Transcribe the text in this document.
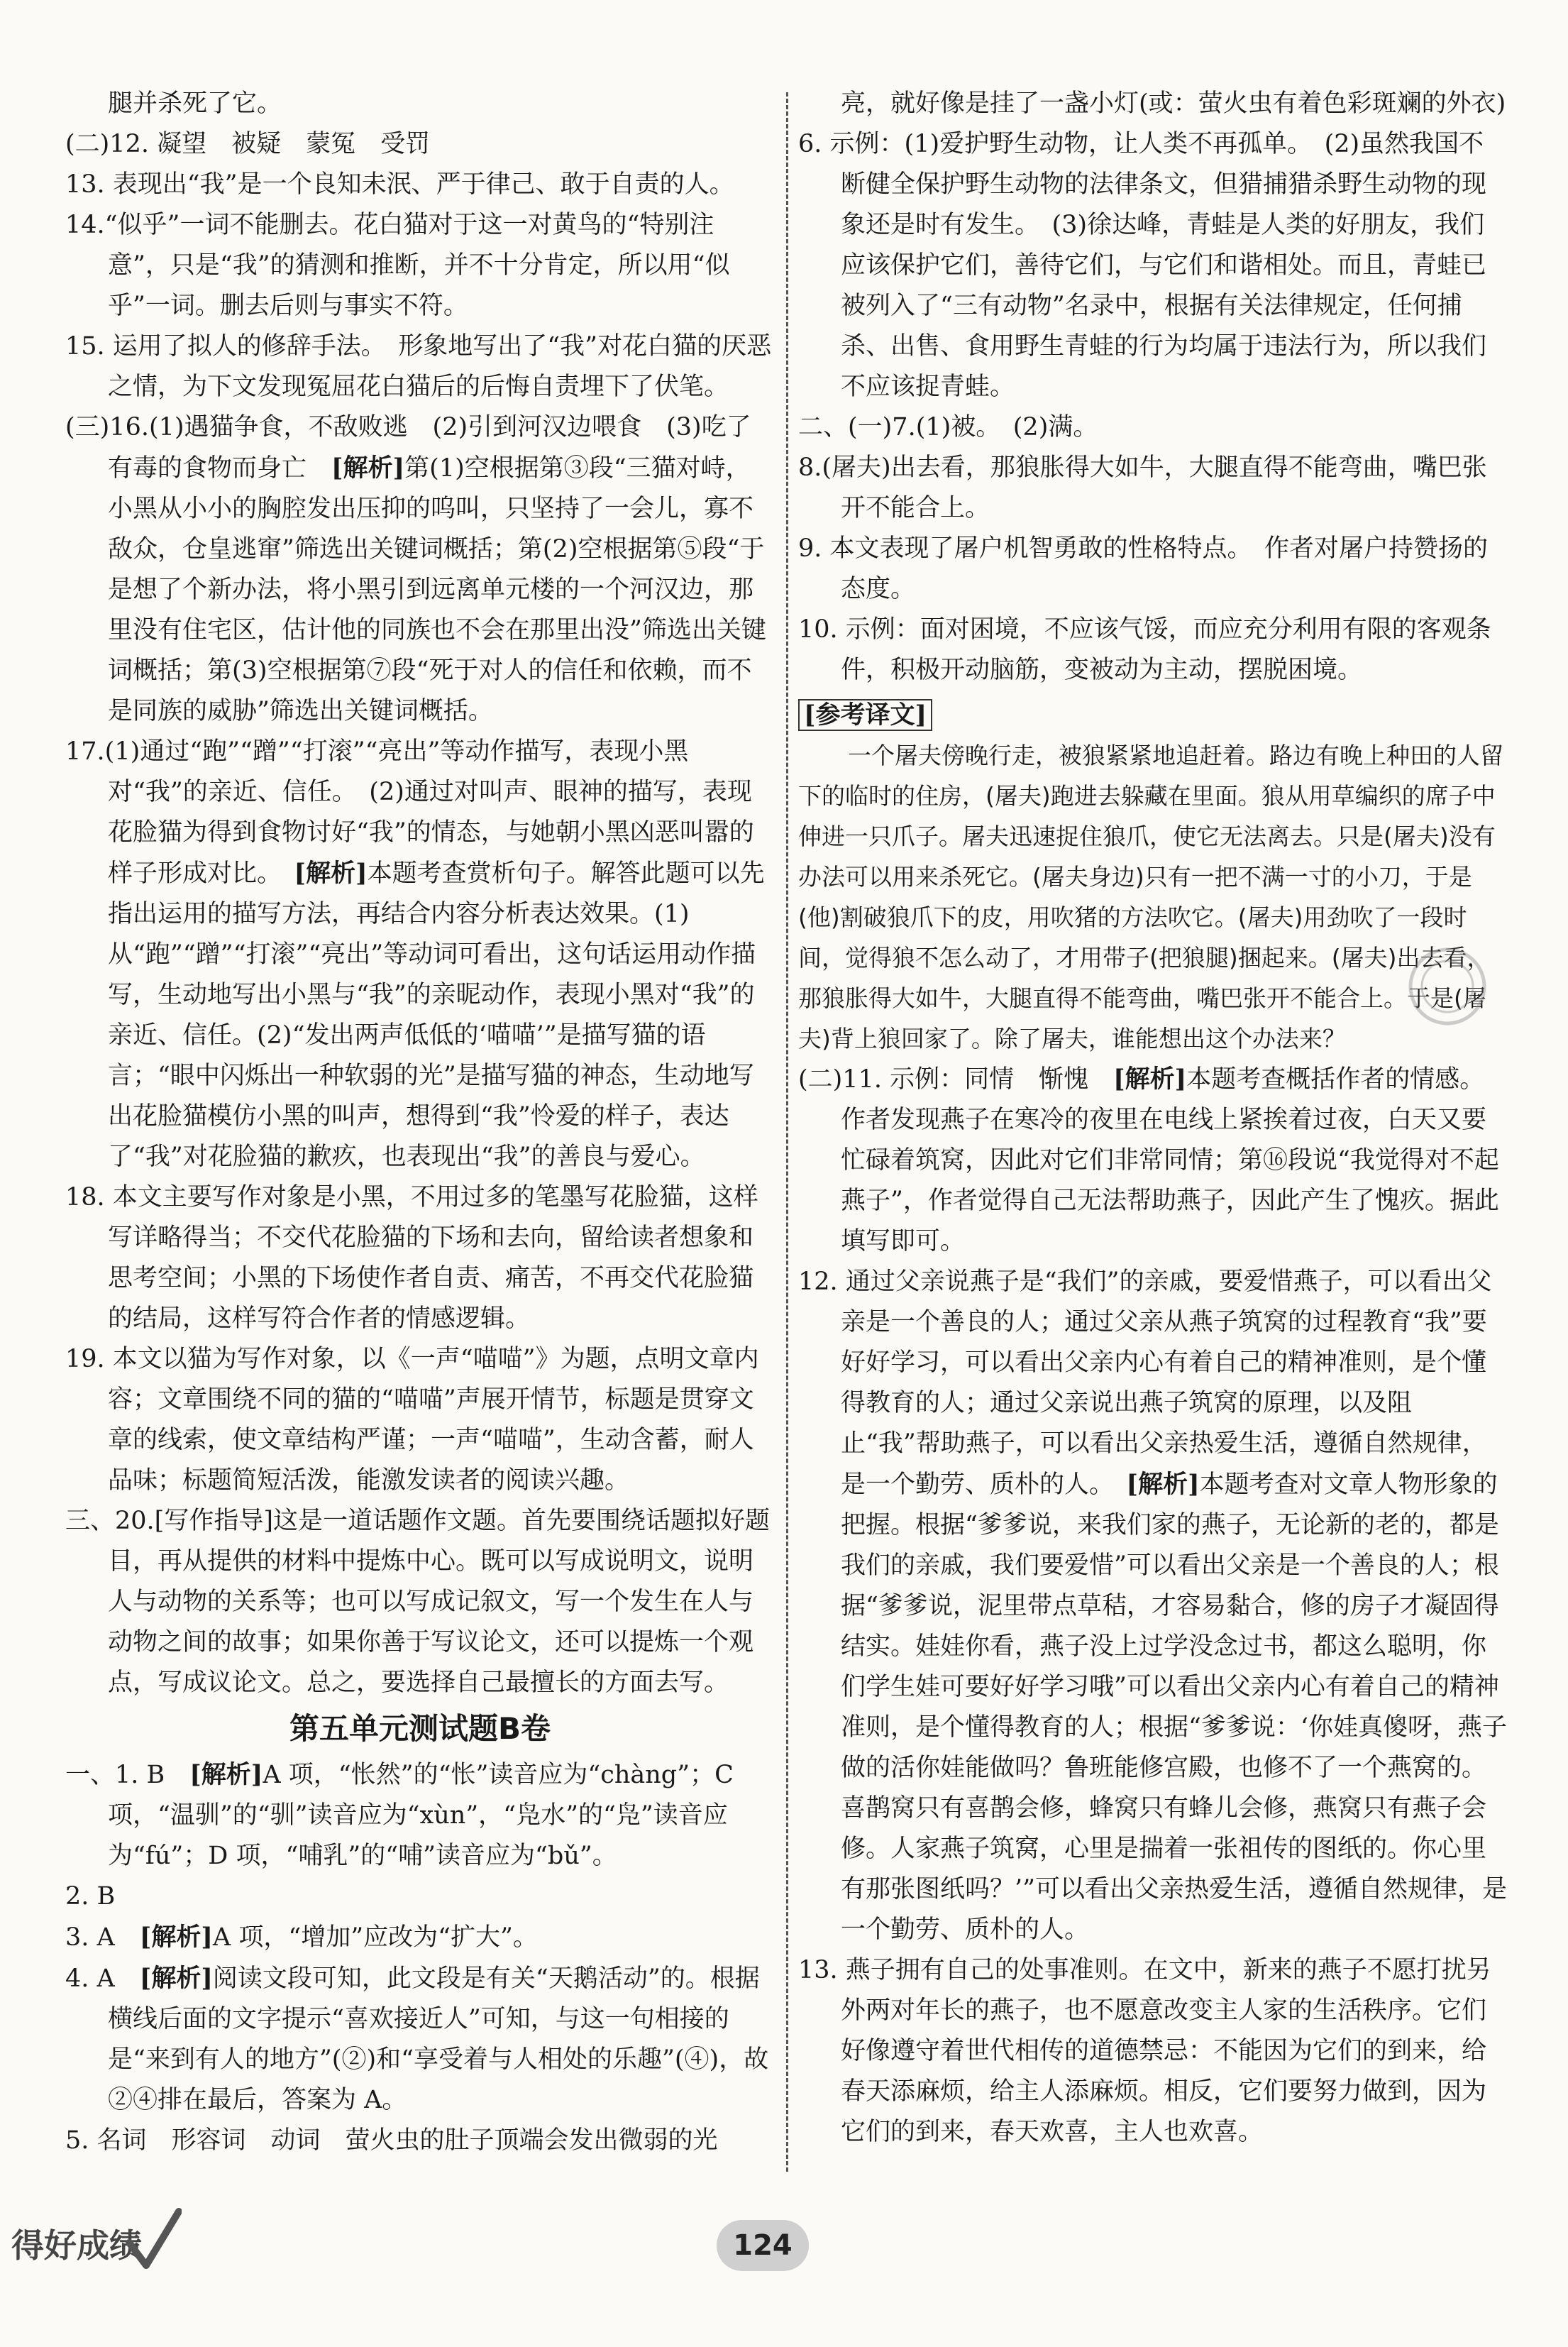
腿并杀死了它。

(二)12. 凝望　被疑　蒙冤　受罚

13. 表现出“我”是一个良知未泯、严于律己、敢于自责的人。

14.“似乎”一词不能删去。花白猫对于这一对黄鸟的“特别注意”，只是“我”的猜测和推断，并不十分肯定，所以用“似乎”一词。删去后则与事实不符。

15. 运用了拟人的修辞手法。　形象地写出了“我”对花白猫的厌恶之情，为下文发现冤屈花白猫后的后悔自责埋下了伏笔。

(三)16.(1)遇猫争食，不敌败逃　(2)引到河汉边喂食　(3)吃了有毒的食物而身亡　[解析]第(1)空根据第③段“三猫对峙，小黑从小小的胸腔发出压抑的呜叫，只坚持了一会儿，寡不敌众，仓皇逃窜”筛选出关键词概括；第(2)空根据第⑤段“于是想了个新办法，将小黑引到远离单元楼的一个河汉边，那里没有住宅区，估计他的同族也不会在那里出没”筛选出关键词概括；第(3)空根据第⑦段“死于对人的信任和依赖，而不是同族的威胁”筛选出关键词概括。

17.(1)通过“跑”“蹭”“打滚”“亮出”等动作描写，表现小黑对“我”的亲近、信任。　(2)通过对叫声、眼神的描写，表现花脸猫为得到食物讨好“我”的情态，与她朝小黑凶恶叫嚣的样子形成对比。　[解析]本题考查赏析句子。解答此题可以先指出运用的描写方法，再结合内容分析表达效果。(1)从“跑”“蹭”“打滚”“亮出”等动词可看出，这句话运用动作描写，生动地写出小黑与“我”的亲昵动作，表现小黑对“我”的亲近、信任。(2)“发出两声低低的‘喵喵’”是描写猫的语言；“眼中闪烁出一种软弱的光”是描写猫的神态，生动地写出花脸猫模仿小黑的叫声，想得到“我”怜爱的样子，表达了“我”对花脸猫的歉疚，也表现出“我”的善良与爱心。

18. 本文主要写作对象是小黑，不用过多的笔墨写花脸猫，这样写详略得当；不交代花脸猫的下场和去向，留给读者想象和思考空间；小黑的下场使作者自责、痛苦，不再交代花脸猫的结局，这样写符合作者的情感逻辑。

19. 本文以猫为写作对象，以《一声“喵喵”》为题，点明文章内容；文章围绕不同的猫的“喵喵”声展开情节，标题是贯穿文章的线索，使文章结构严谨；一声“喵喵”，生动含蓄，耐人品味；标题简短活泼，能激发读者的阅读兴趣。

三、20.[写作指导]这是一道话题作文题。首先要围绕话题拟好题目，再从提供的材料中提炼中心。既可以写成说明文，说明人与动物的关系等；也可以写成记叙文，写一个发生在人与动物之间的故事；如果你善于写议论文，还可以提炼一个观点，写成议论文。总之，要选择自己最擅长的方面去写。

第五单元测试题B卷

一、1. B　[解析]A 项，“怅然”的“怅”读音应为“chàng”；C 项，“温驯”的“驯”读音应为“xùn”，“凫水”的“凫”读音应为“fú”；D 项，“哺乳”的“哺”读音应为“bǔ”。

2. B

3. A　[解析]A 项，“增加”应改为“扩大”。

4. A　[解析]阅读文段可知，此文段是有关“天鹅活动”的。根据横线后面的文字提示“喜欢接近人”可知，与这一句相接的是“来到有人的地方”(②)和“享受着与人相处的乐趣”(④)，故②④排在最后，答案为 A。

5. 名词　形容词　动词　萤火虫的肚子顶端会发出微弱的光

亮，就好像是挂了一盏小灯(或：萤火虫有着色彩斑斓的外衣)

6. 示例：(1)爱护野生动物，让人类不再孤单。　(2)虽然我国不断健全保护野生动物的法律条文，但猎捕猎杀野生动物的现象还是时有发生。　(3)徐达峰，青蛙是人类的好朋友，我们应该保护它们，善待它们，与它们和谐相处。而且，青蛙已被列入了“三有动物”名录中，根据有关法律规定，任何捕杀、出售、食用野生青蛙的行为均属于违法行为，所以我们不应该捉青蛙。

二、(一)7.(1)被。　(2)满。

8.(屠夫)出去看，那狼胀得大如牛，大腿直得不能弯曲，嘴巴张开不能合上。

9. 本文表现了屠户机智勇敢的性格特点。　作者对屠户持赞扬的态度。

10. 示例：面对困境，不应该气馁，而应充分利用有限的客观条件，积极开动脑筋，变被动为主动，摆脱困境。

[参考译文]

一个屠夫傍晚行走，被狼紧紧地追赶着。路边有晚上种田的人留下的临时的住房，(屠夫)跑进去躲藏在里面。狼从用草编织的席子中伸进一只爪子。屠夫迅速捉住狼爪，使它无法离去。只是(屠夫)没有办法可以用来杀死它。(屠夫身边)只有一把不满一寸的小刀，于是(他)割破狼爪下的皮，用吹猪的方法吹它。(屠夫)用劲吹了一段时间，觉得狼不怎么动了，才用带子(把狼腿)捆起来。(屠夫)出去看，那狼胀得大如牛，大腿直得不能弯曲，嘴巴张开不能合上。于是(屠夫)背上狼回家了。除了屠夫，谁能想出这个办法来？

(二)11. 示例：同情　惭愧　[解析]本题考查概括作者的情感。作者发现燕子在寒冷的夜里在电线上紧挨着过夜，白天又要忙碌着筑窝，因此对它们非常同情；第⑯段说“我觉得对不起燕子”，作者觉得自己无法帮助燕子，因此产生了愧疚。据此填写即可。

12. 通过父亲说燕子是“我们”的亲戚，要爱惜燕子，可以看出父亲是一个善良的人；通过父亲从燕子筑窝的过程教育“我”要好好学习，可以看出父亲内心有着自己的精神准则，是个懂得教育的人；通过父亲说出燕子筑窝的原理，以及阻止“我”帮助燕子，可以看出父亲热爱生活，遵循自然规律，是一个勤劳、质朴的人。　[解析]本题考查对文章人物形象的把握。根据“爹爹说，来我们家的燕子，无论新的老的，都是我们的亲戚，我们要爱惜”可以看出父亲是一个善良的人；根据“爹爹说，泥里带点草秸，才容易黏合，修的房子才凝固得结实。娃娃你看，燕子没上过学没念过书，都这么聪明，你们学生娃可要好好学习哦”可以看出父亲内心有着自己的精神准则，是个懂得教育的人；根据“爹爹说：‘你娃真傻呀，燕子做的活你娃能做吗？鲁班能修宫殿，也修不了一个燕窝的。喜鹊窝只有喜鹊会修，蜂窝只有蜂儿会修，燕窝只有燕子会修。人家燕子筑窝，心里是揣着一张祖传的图纸的。你心里有那张图纸吗？’”可以看出父亲热爱生活，遵循自然规律，是一个勤劳、质朴的人。

13. 燕子拥有自己的处事准则。在文中，新来的燕子不愿打扰另外两对年长的燕子，也不愿意改变主人家的生活秩序。它们好像遵守着世代相传的道德禁忌：不能因为它们的到来，给春天添麻烦，给主人添麻烦。相反，它们要努力做到，因为它们的到来，春天欢喜，主人也欢喜。

得好成绩	124
